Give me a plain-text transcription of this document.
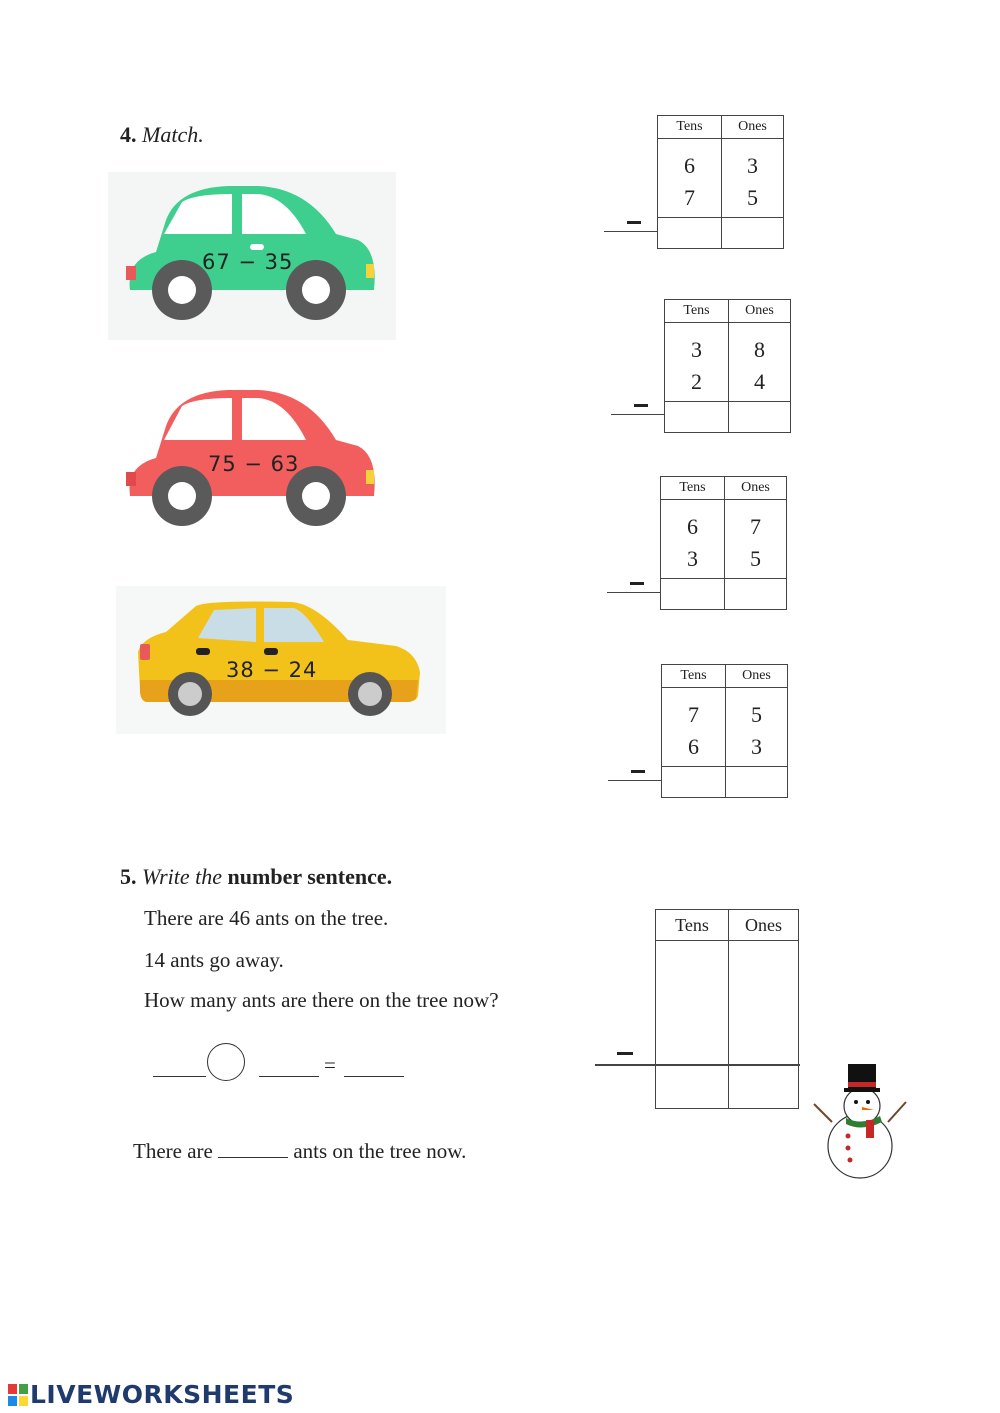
4. Match.
67 − 35
75 − 63
38 − 24
Tens	Ones
6	3
7	5

Tens	Ones
3	8
2	4

Tens	Ones
6	7
3	5

Tens	Ones
7	5
6	3

5. Write the number sentence.
There are 46 ants on the tree.
14 ants go away.
How many ants are there on the tree now?
=
There are	ants on the tree now.
Tens	Ones

LIVEWORKSHEETS
